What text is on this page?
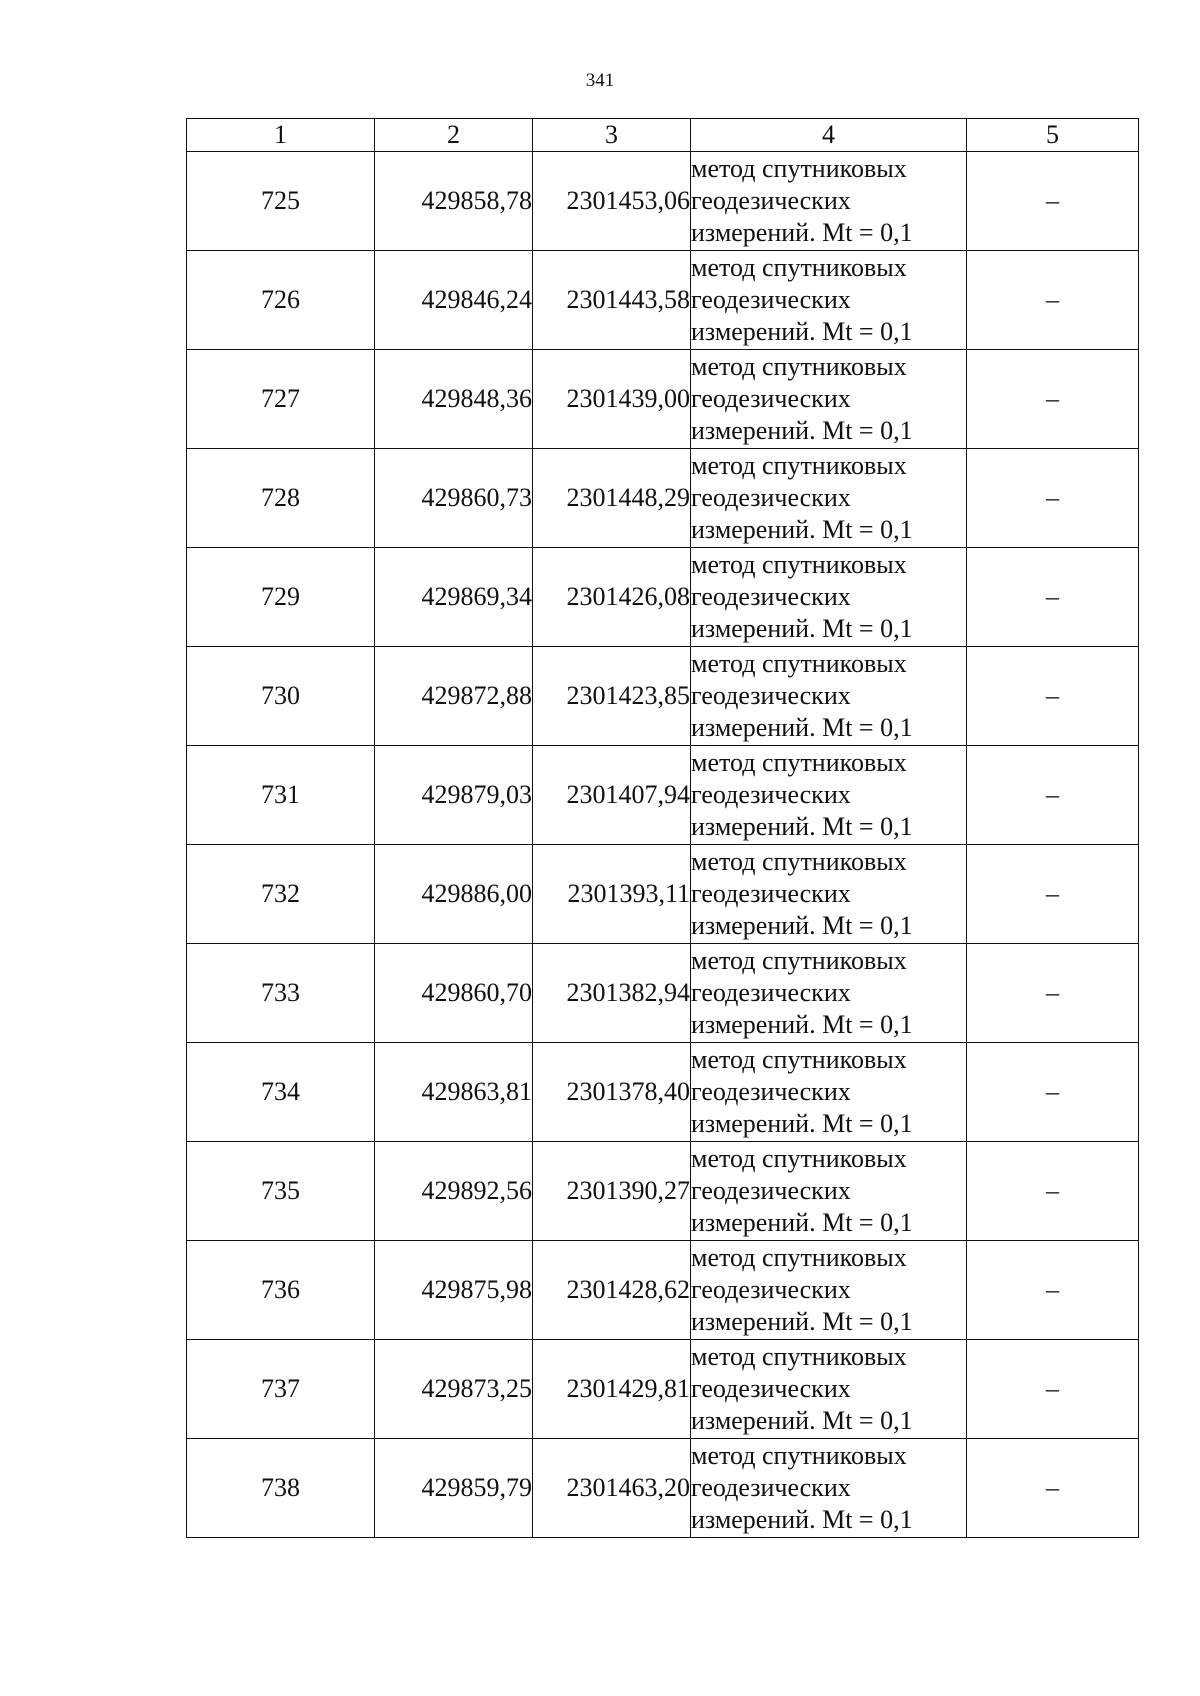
341
1	2	3	4	5
725	429858,78	2301453,06	метод спутниковых
геодезических
измерений. Mt = 0,1	–
726	429846,24	2301443,58	метод спутниковых
геодезических
измерений. Mt = 0,1	–
727	429848,36	2301439,00	метод спутниковых
геодезических
измерений. Mt = 0,1	–
728	429860,73	2301448,29	метод спутниковых
геодезических
измерений. Mt = 0,1	–
729	429869,34	2301426,08	метод спутниковых
геодезических
измерений. Mt = 0,1	–
730	429872,88	2301423,85	метод спутниковых
геодезических
измерений. Mt = 0,1	–
731	429879,03	2301407,94	метод спутниковых
геодезических
измерений. Mt = 0,1	–
732	429886,00	2301393,11	метод спутниковых
геодезических
измерений. Mt = 0,1	–
733	429860,70	2301382,94	метод спутниковых
геодезических
измерений. Mt = 0,1	–
734	429863,81	2301378,40	метод спутниковых
геодезических
измерений. Mt = 0,1	–
735	429892,56	2301390,27	метод спутниковых
геодезических
измерений. Mt = 0,1	–
736	429875,98	2301428,62	метод спутниковых
геодезических
измерений. Mt = 0,1	–
737	429873,25	2301429,81	метод спутниковых
геодезических
измерений. Mt = 0,1	–
738	429859,79	2301463,20	метод спутниковых
геодезических
измерений. Mt = 0,1	–
